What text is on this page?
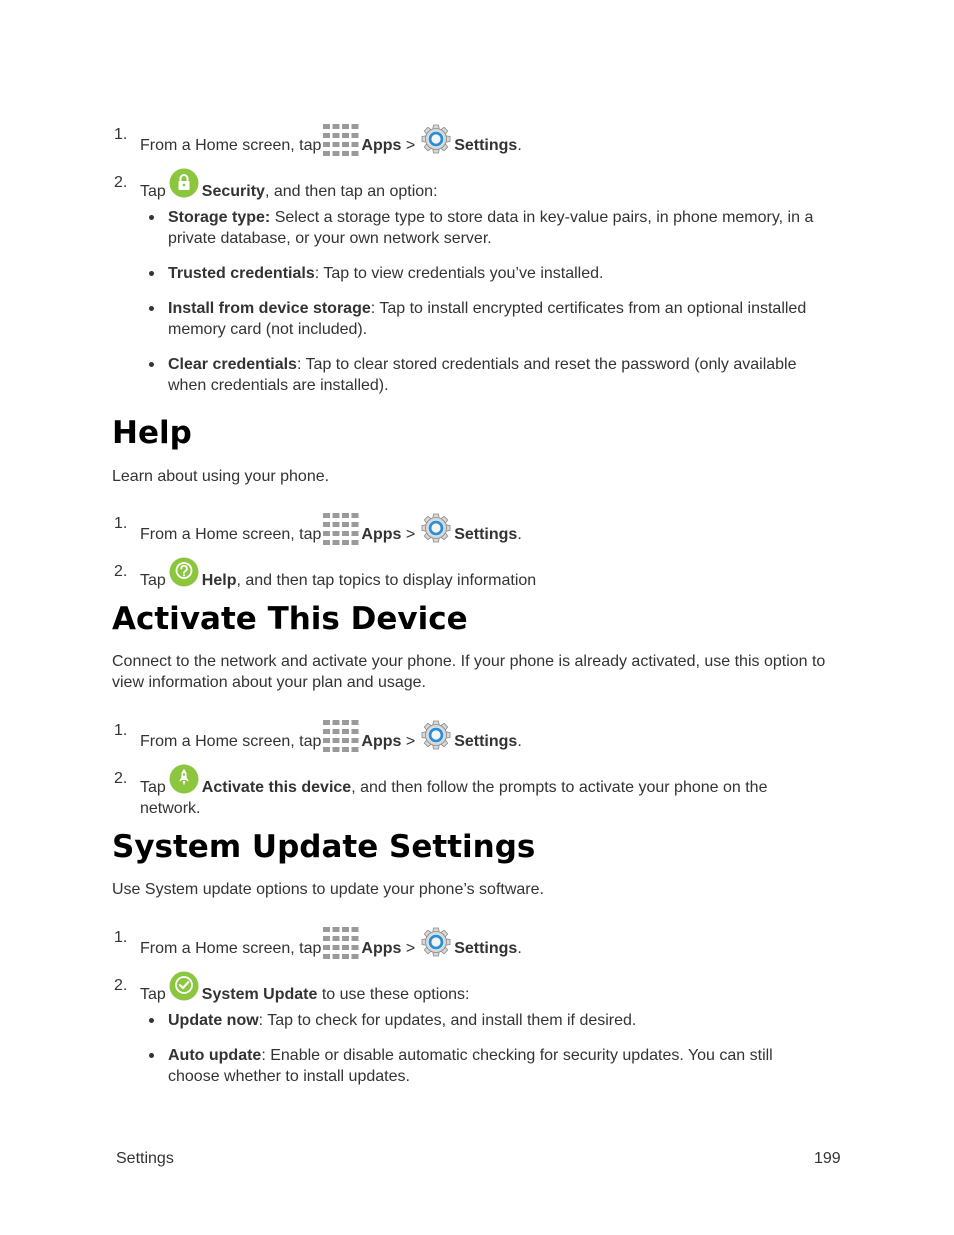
1.
From a Home screen, tap	Apps > Settings.
2.
Tap Security, and then tap an option:
Storage type: Select a storage type to store data in key-value pairs, in phone memory, in a private database, or your own network server.
Trusted credentials: Tap to view credentials you’ve installed.
Install from device storage: Tap to install encrypted certificates from an optional installed memory card (not included).
Clear credentials: Tap to clear stored credentials and reset the password (only available when credentials are installed).
Help

Learn about using your phone.

1.
From a Home screen, tap	Apps > Settings.
2.
Tap Help, and then tap topics to display information
Activate This Device

Connect to the network and activate your phone. If your phone is already activated, use this option to view information about your plan and usage.

1.
From a Home screen, tap	Apps > Settings.
2.
Tap Activate this device, and then follow the prompts to activate your phone on the network.
System Update Settings

Use System update options to update your phone’s software.

1.
From a Home screen, tap	Apps > Settings.
2.
Tap System Update to use these options:
Update now: Tap to check for updates, and install them if desired.
Auto update: Enable or disable automatic checking for security updates. You can still choose whether to install updates.
Settings	199
